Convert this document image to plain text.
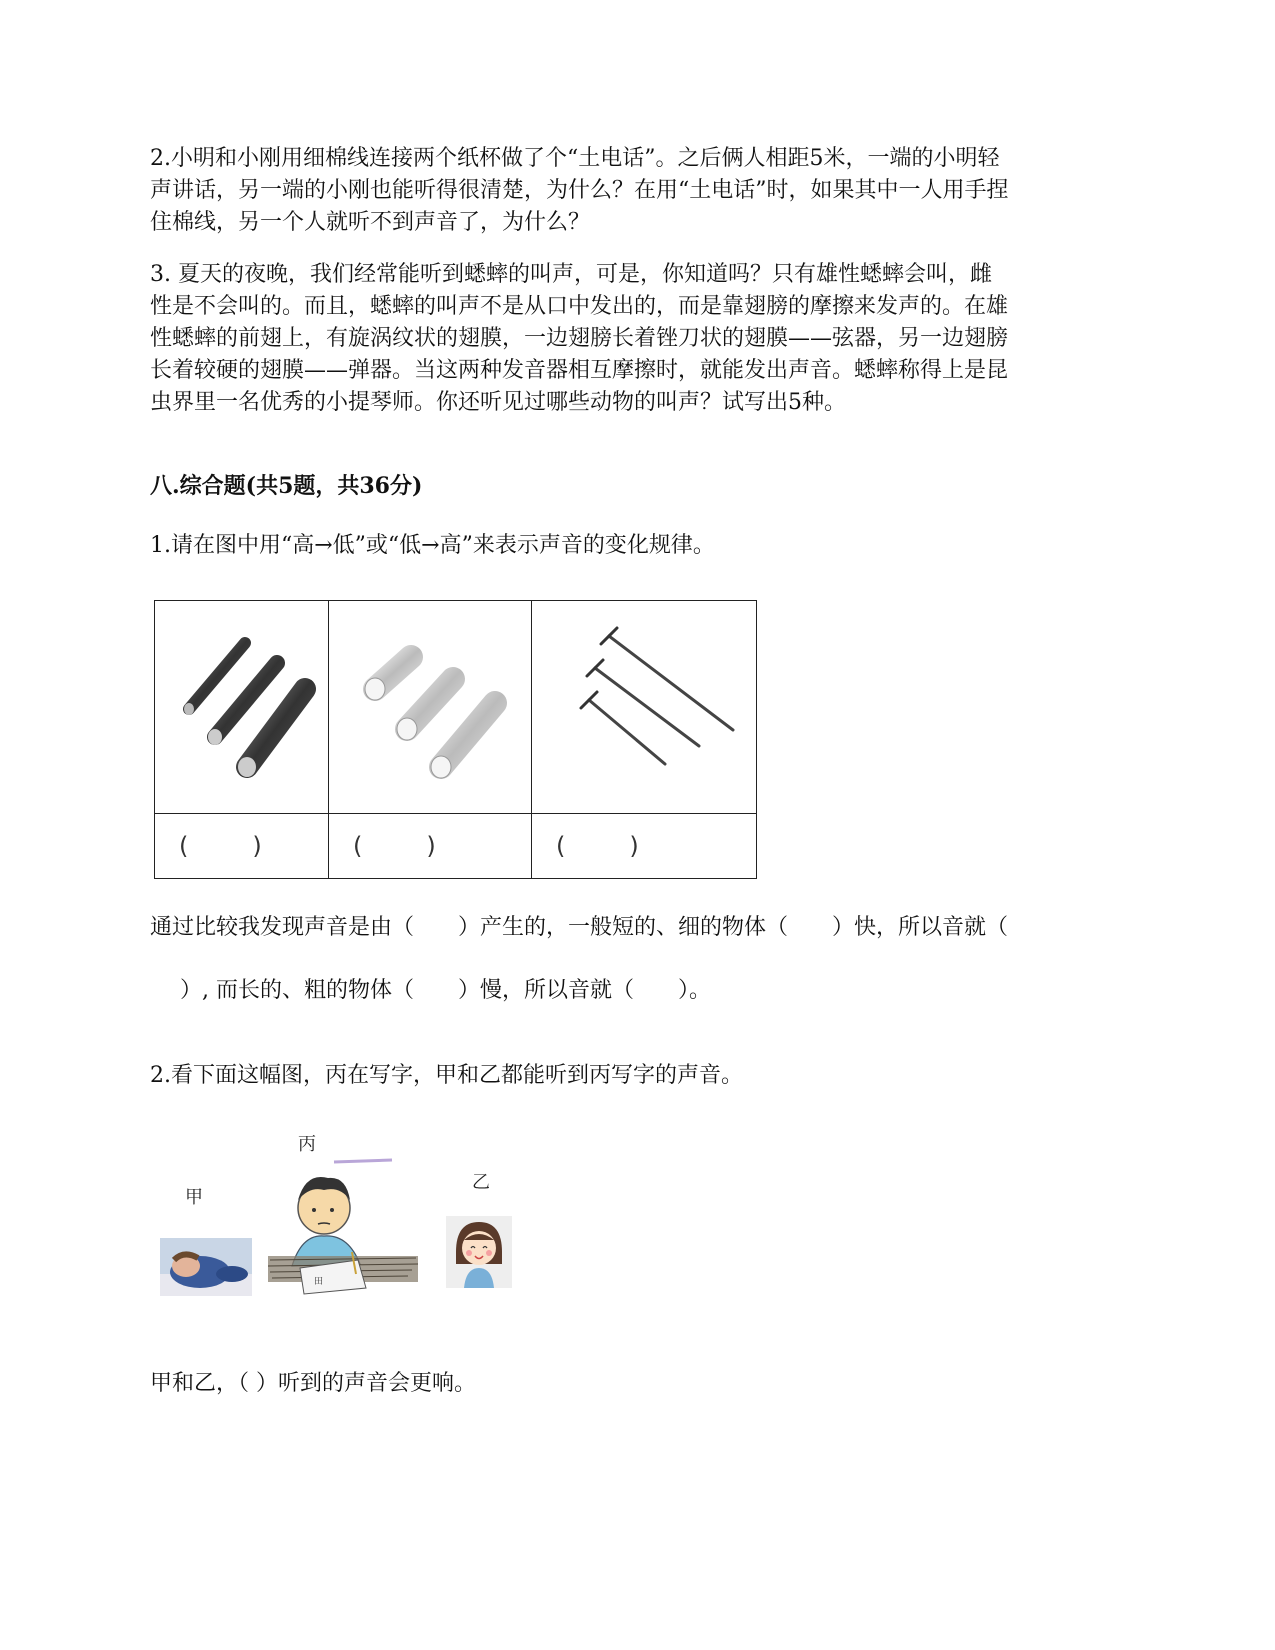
2.小明和小刚用细棉线连接两个纸杯做了个“土电话”。之后俩人相距5米，一端的小明轻
声讲话，另一端的小刚也能听得很清楚，为什么？在用“土电话”时，如果其中一人用手捏
住棉线，另一个人就听不到声音了，为什么？
3. 夏天的夜晚，我们经常能听到蟋蟀的叫声，可是，你知道吗？只有雄性蟋蟀会叫，雌
性是不会叫的。而且，蟋蟀的叫声不是从口中发出的，而是靠翅膀的摩擦来发声的。在雄
性蟋蟀的前翅上，有旋涡纹状的翅膜，一边翅膀长着锉刀状的翅膜——弦器，另一边翅膀
长着较硬的翅膜——弹器。当这两种发音器相互摩擦时，就能发出声音。蟋蟀称得上是昆
虫界里一名优秀的小提琴师。你还听见过哪些动物的叫声？试写出5种。
八.综合题(共5题，共36分)
1.请在图中用“高→低”或“低→高”来表示声音的变化规律。

( )	( )	( )
通过比较我发现声音是由（　　）产生的，一般短的、细的物体（　　）快，所以音就（
　）, 而长的、粗的物体（　　）慢，所以音就（　　）。
2.看下面这幅图，丙在写字，甲和乙都能听到丙写字的声音。
丙
甲
乙
田
甲和乙，（ ）听到的声音会更响。
